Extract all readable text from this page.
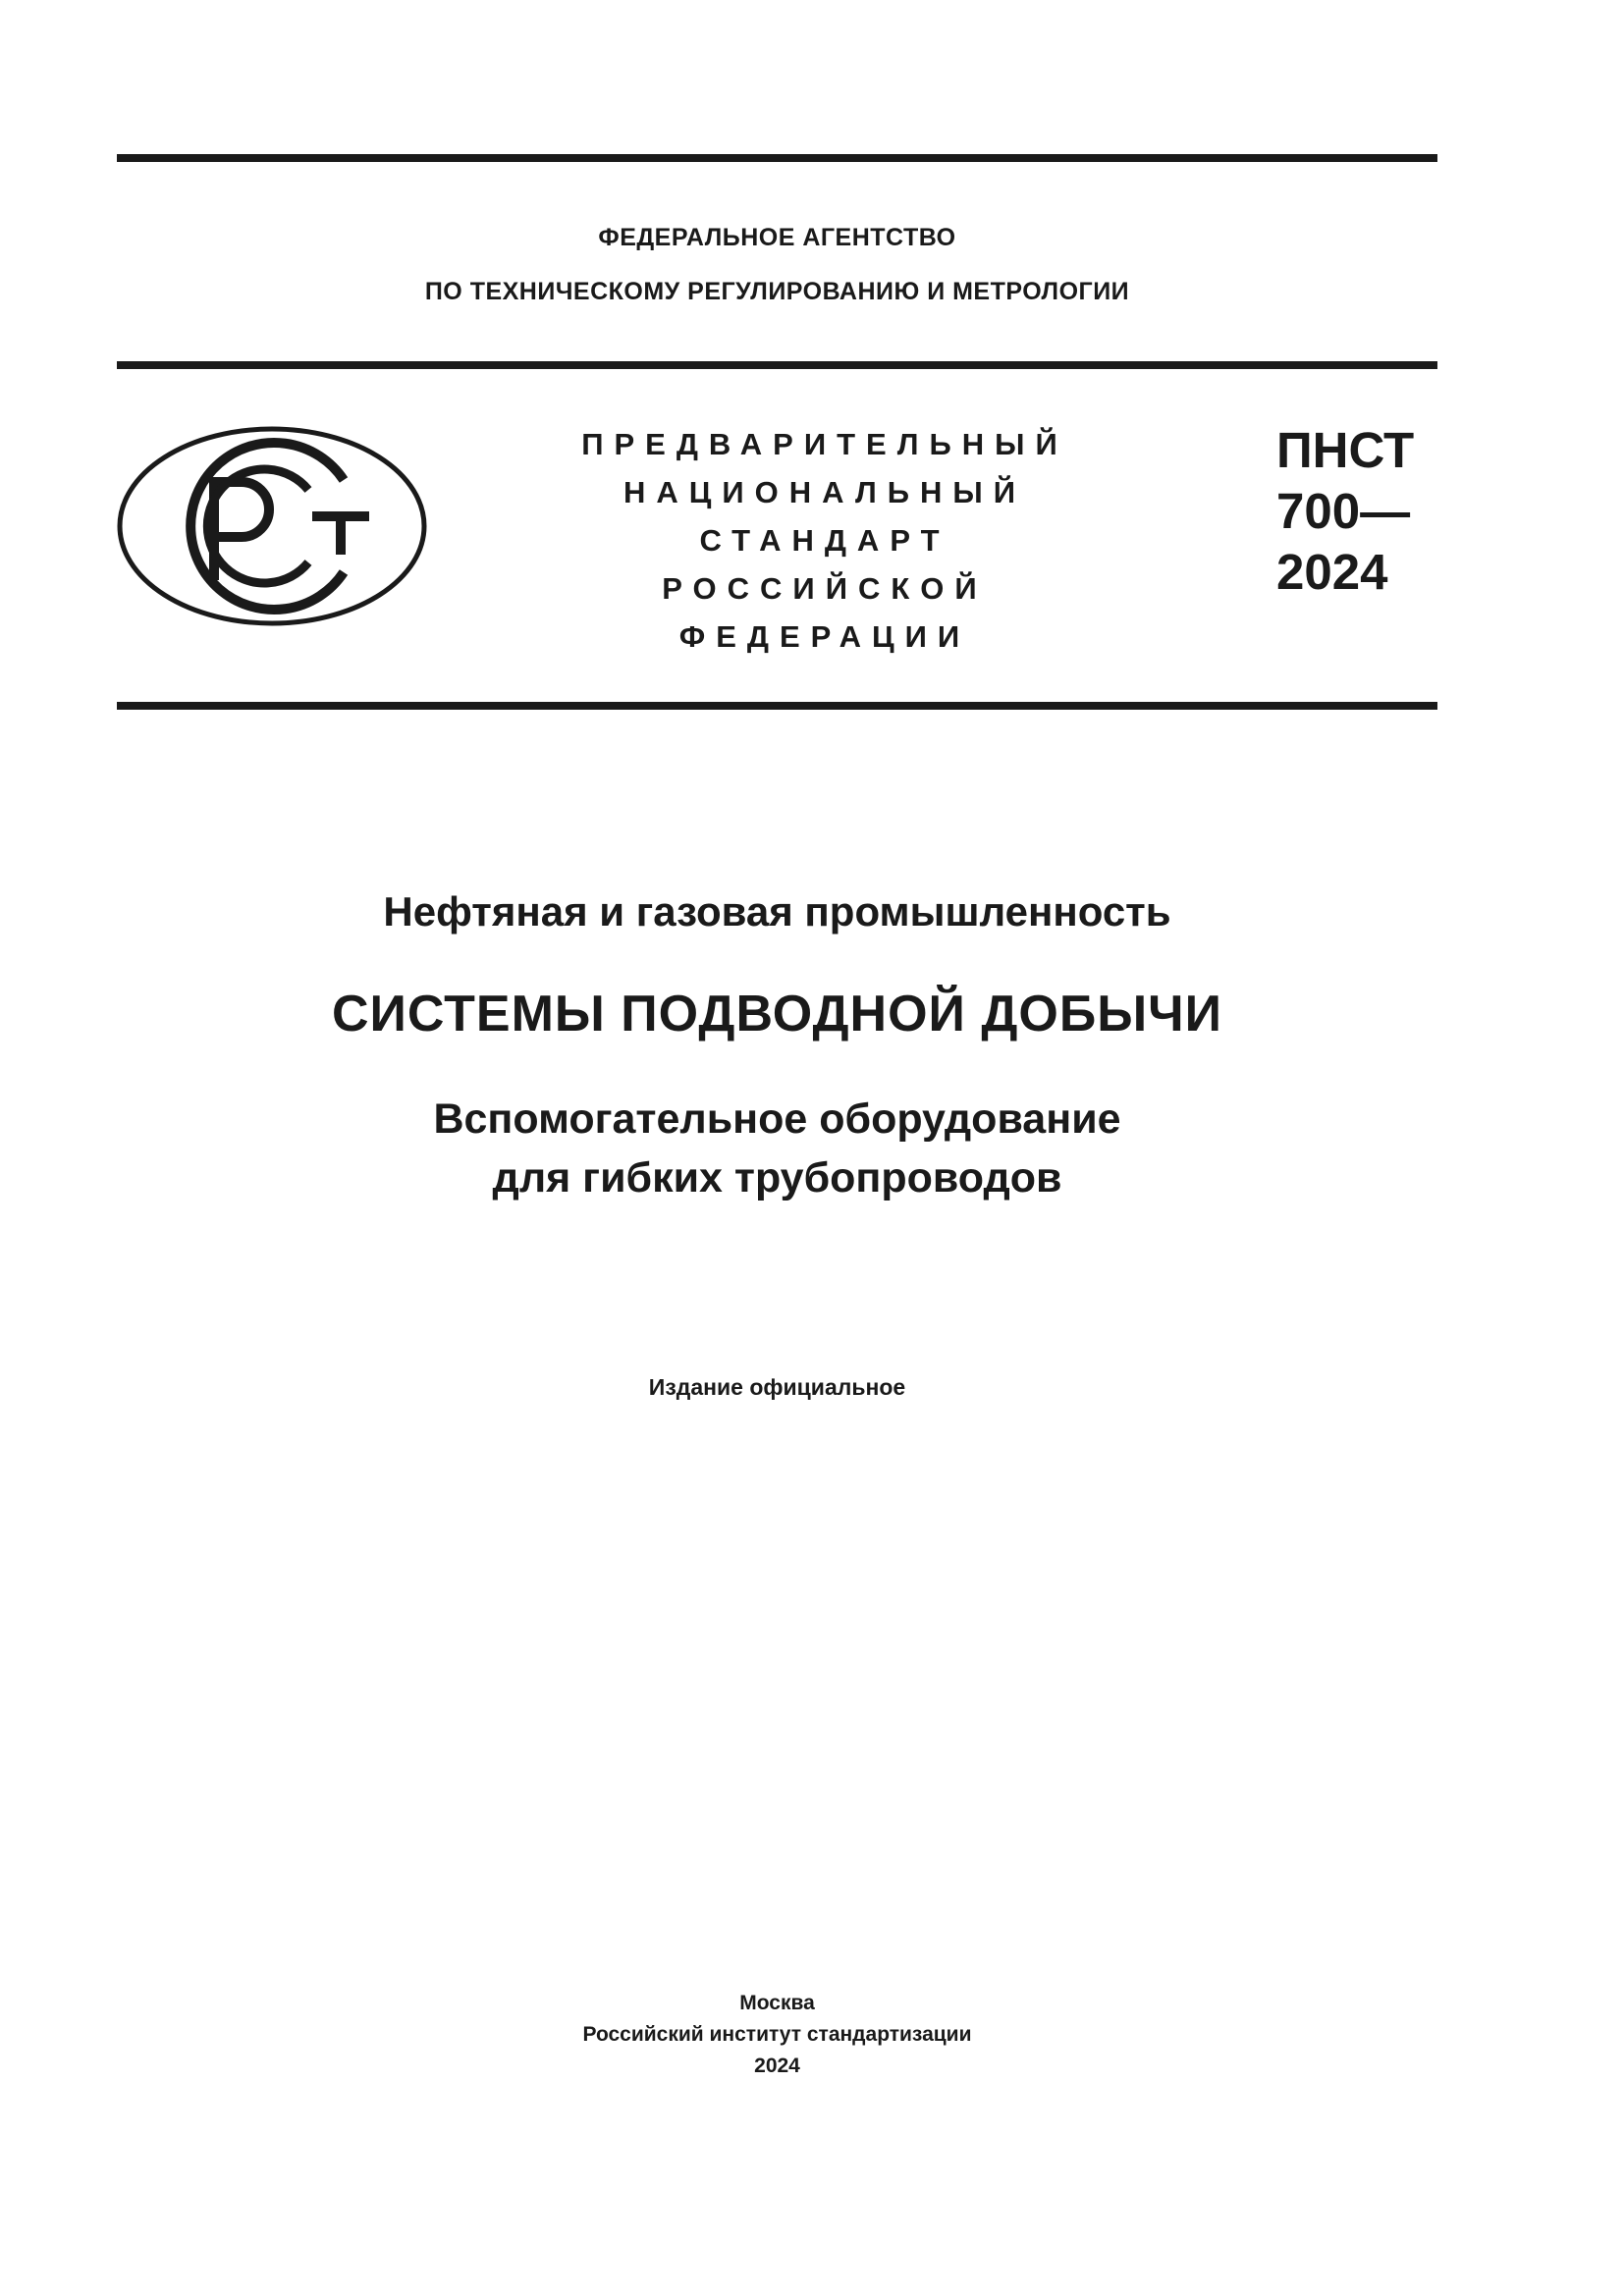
ФЕДЕРАЛЬНОЕ АГЕНТСТВО
ПО ТЕХНИЧЕСКОМУ РЕГУЛИРОВАНИЮ И МЕТРОЛОГИИ
ПРЕДВАРИТЕЛЬНЫЙ
НАЦИОНАЛЬНЫЙ
СТАНДАРТ
РОССИЙСКОЙ
ФЕДЕРАЦИИ
ПНСТ
700—
2024
Нефтяная и газовая промышленность
СИСТЕМЫ ПОДВОДНОЙ ДОБЫЧИ
Вспомогательное оборудование
для гибких трубопроводов
Издание официальное
Москва
Российский институт стандартизации
2024
